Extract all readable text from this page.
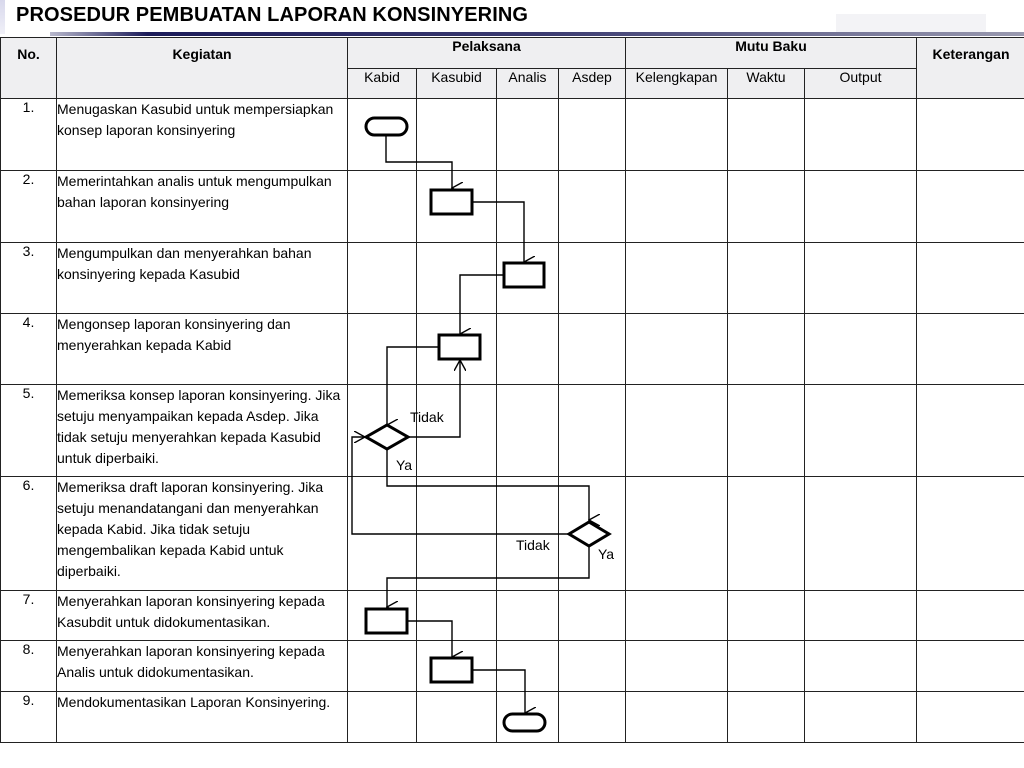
PROSEDUR PEMBUATAN LAPORAN KONSINYERING
No.	Kegiatan	Pelaksana				Mutu Baku			Keterangan
		Kabid	Kasubid	Analis	Asdep	Kelengkapan	Waktu	Output	
1.	Menugaskan Kasubid untuk mempersiapkan konsep laporan konsinyering								
2.	Memerintahkan analis untuk mengumpulkan bahan laporan konsinyering								
3.	Mengumpulkan dan menyerahkan bahan konsinyering kepada Kasubid								
4.	Mengonsep laporan konsinyering dan menyerahkan kepada Kabid								
5.	Memeriksa konsep laporan konsinyering. Jika setuju menyampaikan kepada Asdep. Jika tidak setuju menyerahkan kepada Kasubid untuk diperbaiki.								
6.	Memeriksa draft laporan konsinyering. Jika setuju menandatangani dan menyerahkan kepada Kabid. Jika tidak setuju mengembalikan kepada Kabid untuk diperbaiki.								
7.	Menyerahkan laporan konsinyering kepada Kasubdit untuk didokumentasikan.								
8.	Menyerahkan laporan konsinyering kepada Analis untuk didokumentasikan.								
9.	Mendokumentasikan Laporan Konsinyering.								
Tidak
Ya
Tidak
Ya
